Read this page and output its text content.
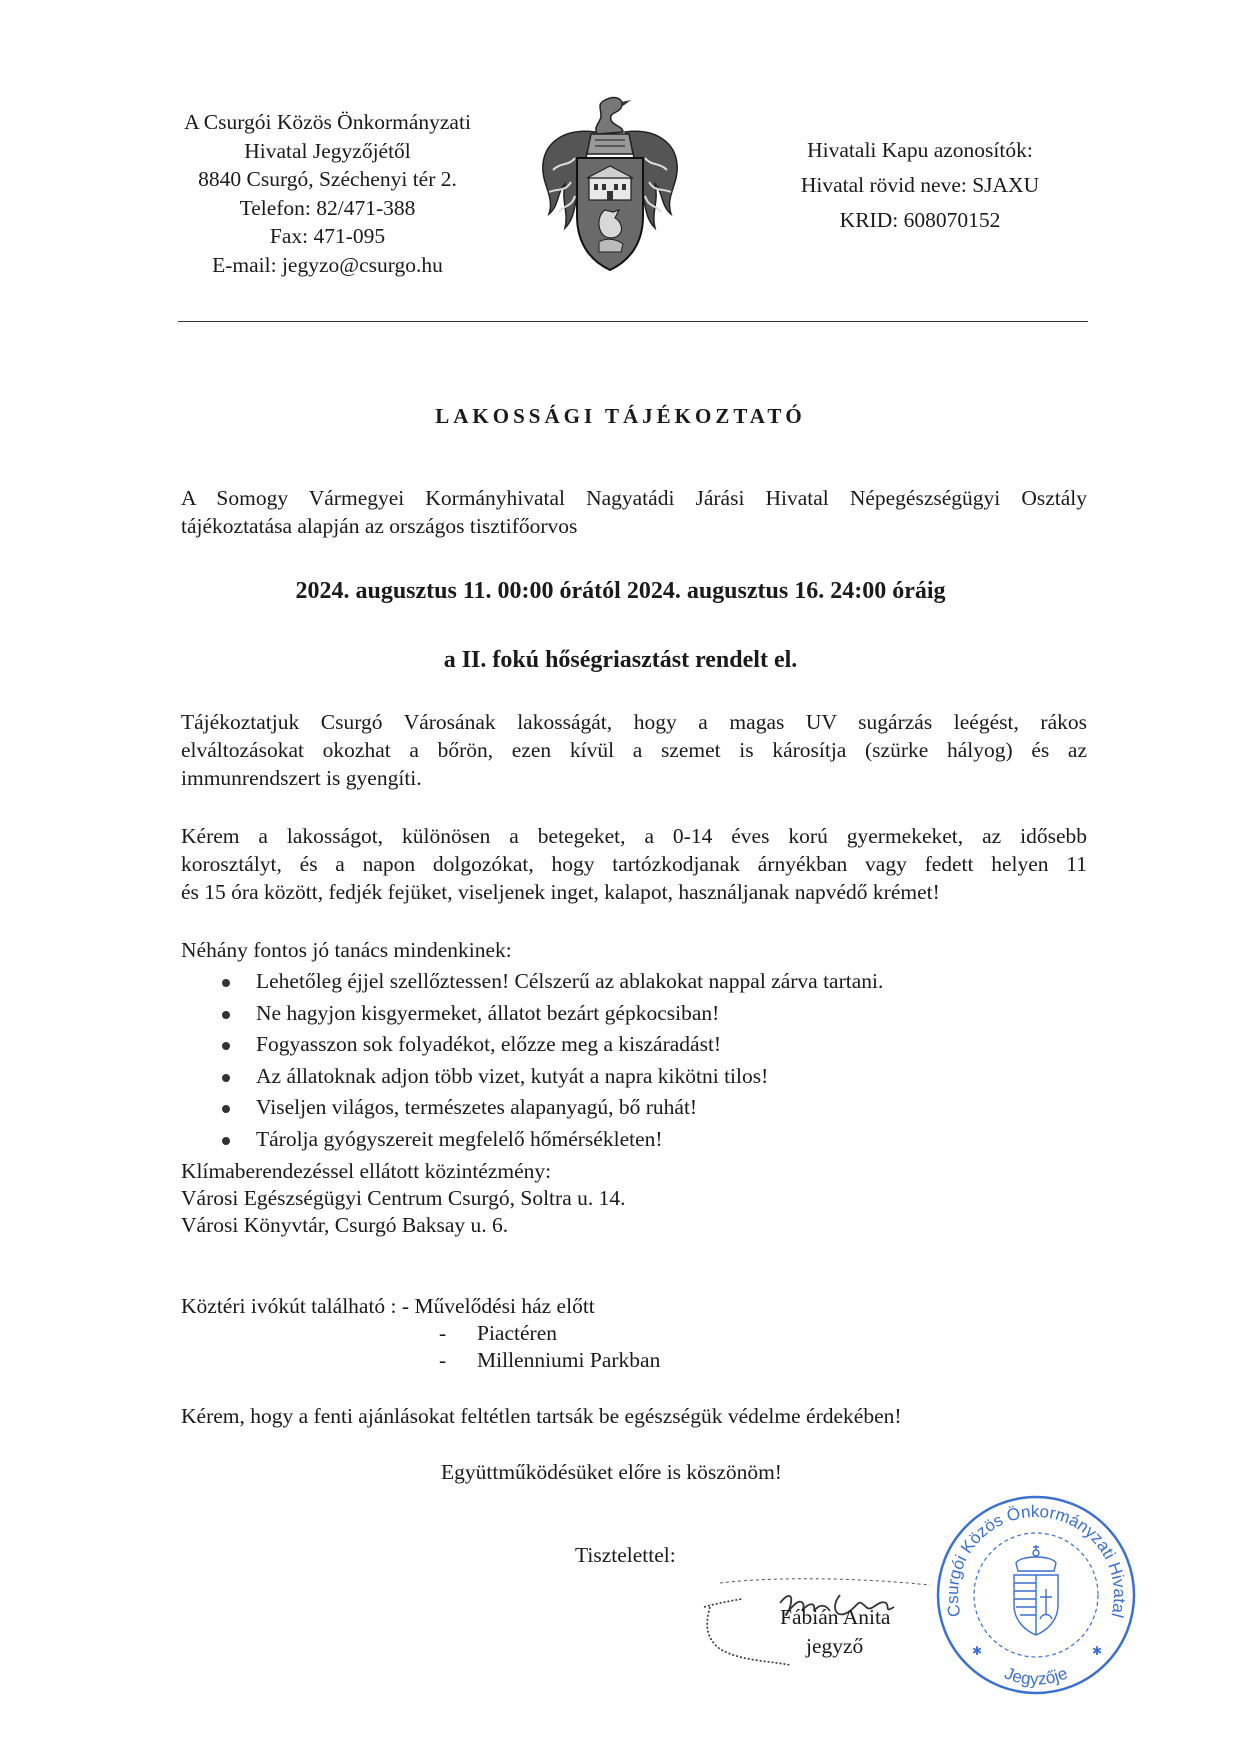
A Csurgói Közös Önkormányzati
Hivatal Jegyzőjétől
8840 Csurgó, Széchenyi tér 2.
Telefon: 82/471-388
Fax: 471-095
E-mail: jegyzo@csurgo.hu
Hivatali Kapu azonosítók:
Hivatal rövid neve: SJAXU
KRID: 608070152
LAKOSSÁGI TÁJÉKOZTATÓ
A Somogy Vármegyei Kormányhivatal Nagyatádi Járási Hivatal Népegészségügyi Osztály
tájékoztatása alapján az országos tisztifőorvos
2024. augusztus 11. 00:00 órától 2024. augusztus 16. 24:00 óráig
a II. fokú hőségriasztást rendelt el.
Tájékoztatjuk Csurgó Városának lakosságát, hogy a magas UV sugárzás leégést, rákos
elváltozásokat okozhat a bőrön, ezen kívül a szemet is károsítja (szürke hályog) és az
immunrendszert is gyengíti.
Kérem a lakosságot, különösen a betegeket, a 0-14 éves korú gyermekeket, az idősebb
korosztályt, és a napon dolgozókat, hogy tartózkodjanak árnyékban vagy fedett helyen 11
és 15 óra között, fedjék fejüket, viseljenek inget, kalapot, használjanak napvédő krémet!
Néhány fontos jó tanács mindenkinek:
Lehetőleg éjjel szellőztessen! Célszerű az ablakokat nappal zárva tartani.
Ne hagyjon kisgyermeket, állatot bezárt gépkocsiban!
Fogyasszon sok folyadékot, előzze meg a kiszáradást!
Az állatoknak adjon több vizet, kutyát a napra kikötni tilos!
Viseljen világos, természetes alapanyagú, bő ruhát!
Tárolja gyógyszereit megfelelő hőmérsékleten!
Klímaberendezéssel ellátott közintézmény:
Városi Egészségügyi Centrum Csurgó, Soltra u. 14.
Városi Könyvtár, Csurgó Baksay u. 6.
Köztéri ivókút található : - Művelődési ház előtt
- Piactéren
- Millenniumi Parkban
Kérem, hogy a fenti ajánlásokat feltétlen tartsák be egészségük védelme érdekében!
Együttműködésüket előre is köszönöm!
Tisztelettel:
Fábián Anita
jegyző
Csurgói Közös Önkormányzati Hivatal
Jegyzője
✱	✱
